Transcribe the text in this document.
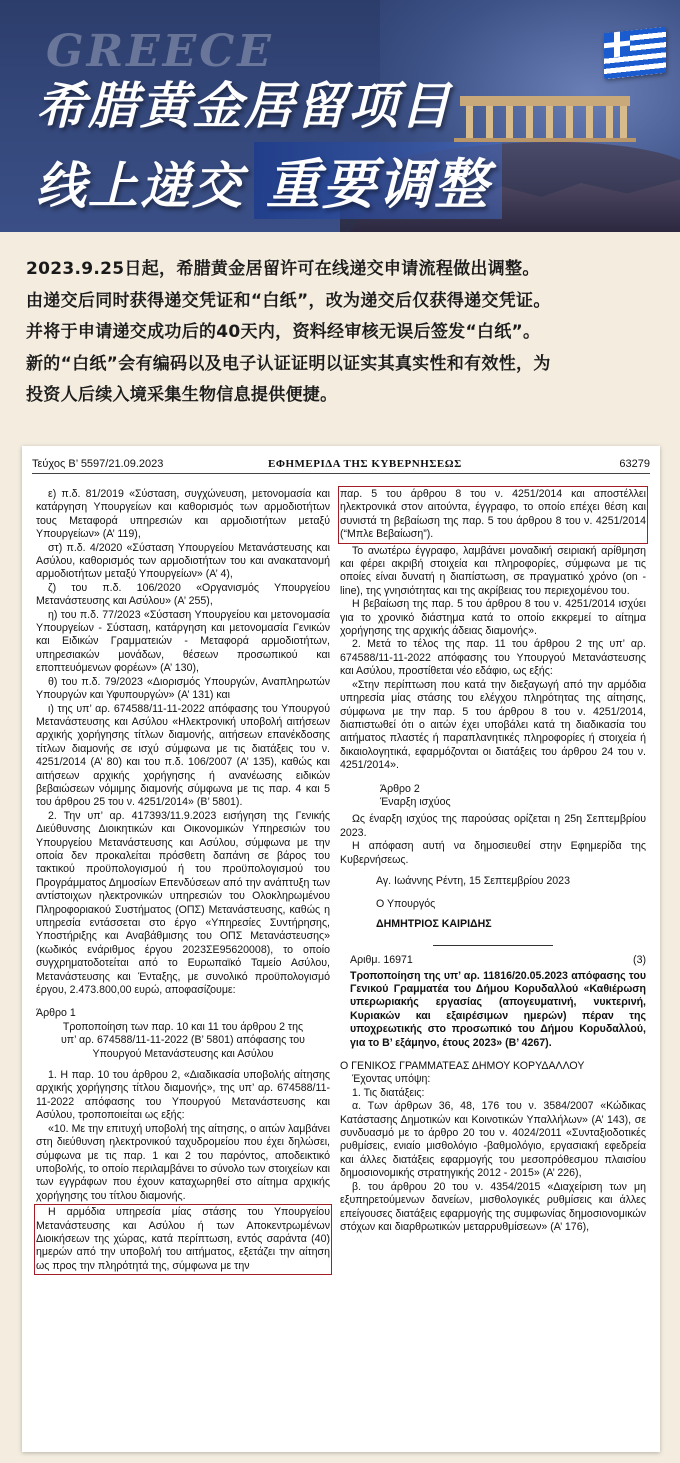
GREECE
希腊黄金居留项目
线上递交 重要调整

2023.9.25日起，希腊黄金居留许可在线递交申请流程做出调整。

由递交后同时获得递交凭证和“白纸”，改为递交后仅获得递交凭证。

并将于申请递交成功后的40天内，资料经审核无误后签发“白纸”。

新的“白纸”会有编码以及电子认证证明以证实其真实性和有效性，为

投资人后续入境采集生物信息提供便捷。

Τεύχος Β’ 5597/21.09.2023	ΕΦΗΜΕΡΙΔΑ ΤΗΣ ΚΥΒΕΡΝΗΣΕΩΣ	63279

ε) π.δ. 81/2019 «Σύσταση, συγχώνευση, μετονομασία και κατάργηση Υπουργείων και καθορισμός των αρμοδιοτήτων τους Μεταφορά υπηρεσιών και αρμοδιοτήτων μεταξύ Υπουργείων» (Α’ 119),

στ) π.δ. 4/2020 «Σύσταση Υπουργείου Μετανάστευσης και Ασύλου, καθορισμός των αρμοδιοτήτων του και ανακατανομή αρμοδιοτήτων μεταξύ Υπουργείων» (Α’ 4),

ζ) του π.δ. 106/2020 «Οργανισμός Υπουργείου Μετανάστευσης και Ασύλου» (Α’ 255),

η) του π.δ. 77/2023 «Σύσταση Υπουργείου και μετονομασία Υπουργείων - Σύσταση, κατάργηση και μετονομασία Γενικών και Ειδικών Γραμματειών - Μεταφορά αρμοδιοτήτων, υπηρεσιακών μονάδων, θέσεων προσωπικού και εποπτευόμενων φορέων» (Α’ 130),

θ) του π.δ. 79/2023 «Διορισμός Υπουργών, Αναπληρωτών Υπουργών και Υφυπουργών» (Α’ 131) και

ι) της υπ’ αρ. 674588/11-11-2022 απόφασης του Υπουργού Μετανάστευσης και Ασύλου «Ηλεκτρονική υποβολή αιτήσεων αρχικής χορήγησης τίτλων διαμονής, αιτήσεων επανέκδοσης τίτλων διαμονής σε ισχύ σύμφωνα με τις διατάξεις του ν. 4251/2014 (Α’ 80) και του π.δ. 106/2007 (Α’ 135), καθώς και αιτήσεων αρχικής χορήγησης ή ανανέωσης ειδικών βεβαιώσεων νόμιμης διαμονής σύμφωνα με τις παρ. 4 και 5 του άρθρου 25 του ν. 4251/2014» (Β’ 5801).

2. Την υπ’ αρ. 417393/11.9.2023 εισήγηση της Γενικής Διεύθυνσης Διοικητικών και Οικονομικών Υπηρεσιών του Υπουργείου Μετανάστευσης και Ασύλου, σύμφωνα με την οποία δεν προκαλείται πρόσθετη δαπάνη σε βάρος του τακτικού προϋπολογισμού ή του προϋπολογισμού του Προγράμματος Δημοσίων Επενδύσεων από την ανάπτυξη των αντίστοιχων ηλεκτρονικών υπηρεσιών του Ολοκληρωμένου Πληροφοριακού Συστήματος (ΟΠΣ) Μετανάστευσης, καθώς η υπηρεσία εντάσσεται στο έργο «Υπηρεσίες Συντήρησης, Υποστήριξης και Αναβάθμισης του ΟΠΣ Μετανάστευσης» (κωδικός ενάριθμος έργου 2023ΣΕ95620008), το οποίο συγχρηματοδοτείται από το Ευρωπαϊκό Ταμείο Ασύλου, Μετανάστευσης και Ένταξης, με συνολικό προϋπολογισμό έργου, 2.473.800,00 ευρώ, αποφασίζουμε:

Άρθρο 1

Τροποποίηση των παρ. 10 και 11 του άρθρου 2 της υπ’ αρ. 674588/11-11-2022 (Β’ 5801) απόφασης του Υπουργού Μετανάστευσης και Ασύλου

1. Η παρ. 10 του άρθρου 2, «Διαδικασία υποβολής αίτησης αρχικής χορήγησης τίτλου διαμονής», της υπ’ αρ. 674588/11-11-2022 απόφασης του Υπουργού Μετανάστευσης και Ασύλου, τροποποιείται ως εξής:

«10. Με την επιτυχή υποβολή της αίτησης, ο αιτών λαμβάνει στη διεύθυνση ηλεκτρονικού ταχυδρομείου που έχει δηλώσει, σύμφωνα με τις παρ. 1 και 2 του παρόντος, αποδεικτικό υποβολής, το οποίο περιλαμβάνει το σύνολο των στοιχείων και των εγγράφων που έχουν καταχωρηθεί στο αίτημα αρχικής χορήγησης του τίτλου διαμονής.

Η αρμόδια υπηρεσία μίας στάσης του Υπουργείου Μετανάστευσης και Ασύλου ή των Αποκεντρωμένων Διοικήσεων της χώρας, κατά περίπτωση, εντός σαράντα (40) ημερών από την υποβολή του αιτήματος, εξετάζει την αίτηση ως προς την πληρότητά της, σύμφωνα με την

παρ. 5 του άρθρου 8 του ν. 4251/2014 και αποστέλλει ηλεκτρονικά στον αιτούντα, έγγραφο, το οποίο επέχει θέση και συνιστά τη βεβαίωση της παρ. 5 του άρθρου 8 του ν. 4251/2014 (“Μπλε Βεβαίωση”).

Το ανωτέρω έγγραφο, λαμβάνει μοναδική σειριακή αρίθμηση και φέρει ακριβή στοιχεία και πληροφορίες, σύμφωνα με τις οποίες είναι δυνατή η διαπίστωση, σε πραγματικό χρόνο (on - line), της γνησιότητας και της ακρίβειας του περιεχομένου του.

Η βεβαίωση της παρ. 5 του άρθρου 8 του ν. 4251/2014 ισχύει για το χρονικό διάστημα κατά το οποίο εκκρεμεί το αίτημα χορήγησης της αρχικής άδειας διαμονής».

2. Μετά το τέλος της παρ. 11 του άρθρου 2 της υπ’ αρ. 674588/11-11-2022 απόφασης του Υπουργού Μετανάστευσης και Ασύλου, προστίθεται νέο εδάφιο, ως εξής:

«Στην περίπτωση που κατά την διεξαγωγή από την αρμόδια υπηρεσία μίας στάσης του ελέγχου πληρότητας της αίτησης, σύμφωνα με την παρ. 5 του άρθρου 8 του ν. 4251/2014, διαπιστωθεί ότι ο αιτών έχει υποβάλει κατά τη διαδικασία του αιτήματος πλαστές ή παραπλανητικές πληροφορίες ή στοιχεία ή δικαιολογητικά, εφαρμόζονται οι διατάξεις του άρθρου 24 του ν. 4251/2014».

Άρθρο 2

Έναρξη ισχύος

Ως έναρξη ισχύος της παρούσας ορίζεται η 25η Σεπτεμβρίου 2023.

Η απόφαση αυτή να δημοσιευθεί στην Εφημερίδα της Κυβερνήσεως.

Αγ. Ιωάννης Ρέντη, 15 Σεπτεμβρίου 2023

Ο Υπουργός

ΔΗΜΗΤΡΙΟΣ ΚΑΙΡΙΔΗΣ

Αριθμ. 16971	(3)

Τροποποίηση της υπ’ αρ. 11816/20.05.2023 απόφασης του Γενικού Γραμματέα του Δήμου Κορυδαλλού «Καθιέρωση υπερωριακής εργασίας (απογευματινή, νυκτερινή, Κυριακών και εξαιρέσιμων ημερών) πέραν της υποχρεωτικής στο προσωπικό του Δήμου Κορυδαλλού, για το Β’ εξάμηνο, έτους 2023» (Β’ 4267).

Ο ΓΕΝΙΚΟΣ ΓΡΑΜΜΑΤΕΑΣ ΔΗΜΟΥ ΚΟΡΥΔΑΛΛΟΥ

Έχοντας υπόψη:

1. Τις διατάξεις:

α. Των άρθρων 36, 48, 176 του ν. 3584/2007 «Κώδικας Κατάστασης Δημοτικών και Κοινοτικών Υπαλλήλων» (Α’ 143), σε συνδυασμό με το άρθρο 20 του ν. 4024/2011 «Συνταξιοδοτικές ρυθμίσεις, ενιαίο μισθολόγιο -βαθμολόγιο, εργασιακή εφεδρεία και άλλες διατάξεις εφαρμογής του μεσοπρόθεσμου πλαισίου δημοσιονομικής στρατηγικής 2012 - 2015» (Α’ 226),

β. του άρθρου 20 του ν. 4354/2015 «Διαχείριση των μη εξυπηρετούμενων δανείων, μισθολογικές ρυθμίσεις και άλλες επείγουσες διατάξεις εφαρμογής της συμφωνίας δημοσιονομικών στόχων και διαρθρωτικών μεταρρυθμίσεων» (Α’ 176),
